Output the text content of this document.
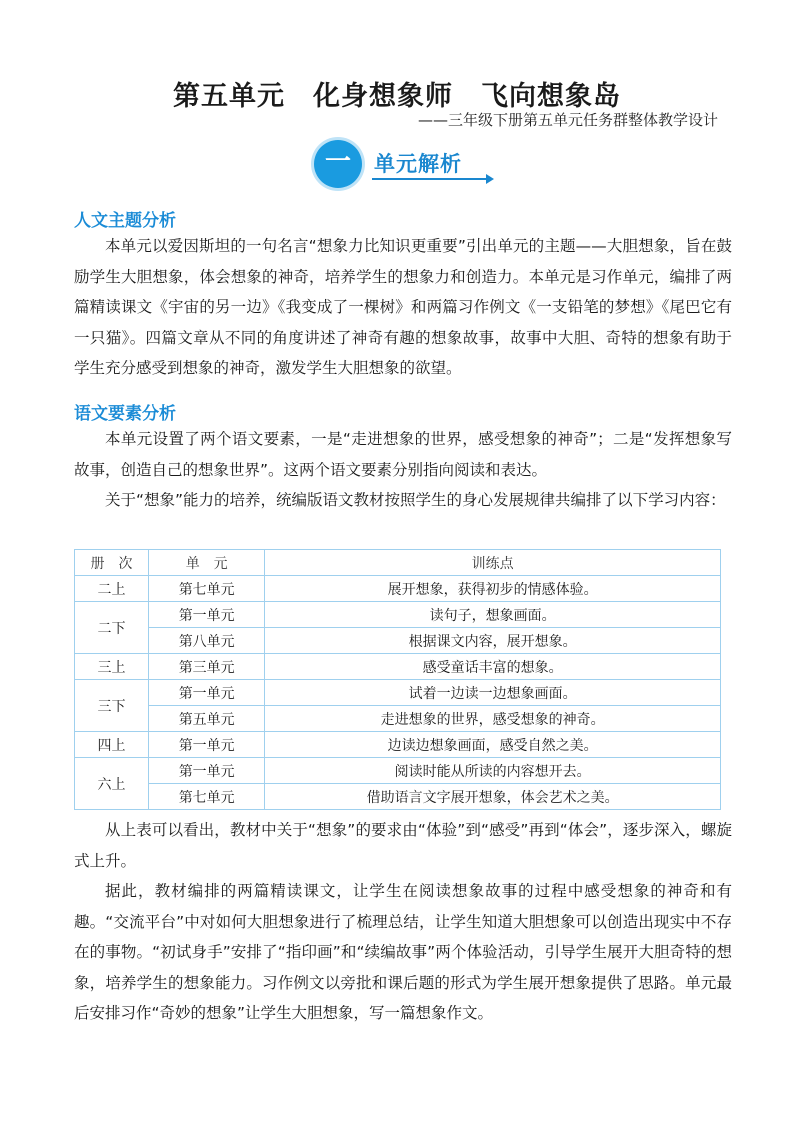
第五单元　化身想象师　飞向想象岛
——三年级下册第五单元任务群整体教学设计
一	单元解析
人文主题分析

本单元以爱因斯坦的一句名言“想象力比知识更重要”引出单元的主题——大胆想象，旨在鼓励学生大胆想象，体会想象的神奇，培养学生的想象力和创造力。本单元是习作单元，编排了两篇精读课文《宇宙的另一边》《我变成了一棵树》和两篇习作例文《一支铅笔的梦想》《尾巴它有一只猫》。四篇文章从不同的角度讲述了神奇有趣的想象故事，故事中大胆、奇特的想象有助于学生充分感受到想象的神奇，激发学生大胆想象的欲望。

语文要素分析

本单元设置了两个语文要素，一是“走进想象的世界，感受想象的神奇”；二是“发挥想象写故事，创造自己的想象世界”。这两个语文要素分别指向阅读和表达。

关于“想象”能力的培养，统编版语文教材按照学生的身心发展规律共编排了以下学习内容：

册　次	单　元	训练点
二上	第七单元	展开想象，获得初步的情感体验。
二下	第一单元	读句子，想象画面。
	第八单元	根据课文内容，展开想象。
三上	第三单元	感受童话丰富的想象。
三下	第一单元	试着一边读一边想象画面。
	第五单元	走进想象的世界，感受想象的神奇。
四上	第一单元	边读边想象画面，感受自然之美。
六上	第一单元	阅读时能从所读的内容想开去。
	第七单元	借助语言文字展开想象，体会艺术之美。

从上表可以看出，教材中关于“想象”的要求由“体验”到“感受”再到“体会”，逐步深入，螺旋式上升。

据此，教材编排的两篇精读课文，让学生在阅读想象故事的过程中感受想象的神奇和有趣。“交流平台”中对如何大胆想象进行了梳理总结，让学生知道大胆想象可以创造出现实中不存在的事物。“初试身手”安排了“指印画”和“续编故事”两个体验活动，引导学生展开大胆奇特的想象，培养学生的想象能力。习作例文以旁批和课后题的形式为学生展开想象提供了思路。单元最后安排习作“奇妙的想象”让学生大胆想象，写一篇想象作文。
